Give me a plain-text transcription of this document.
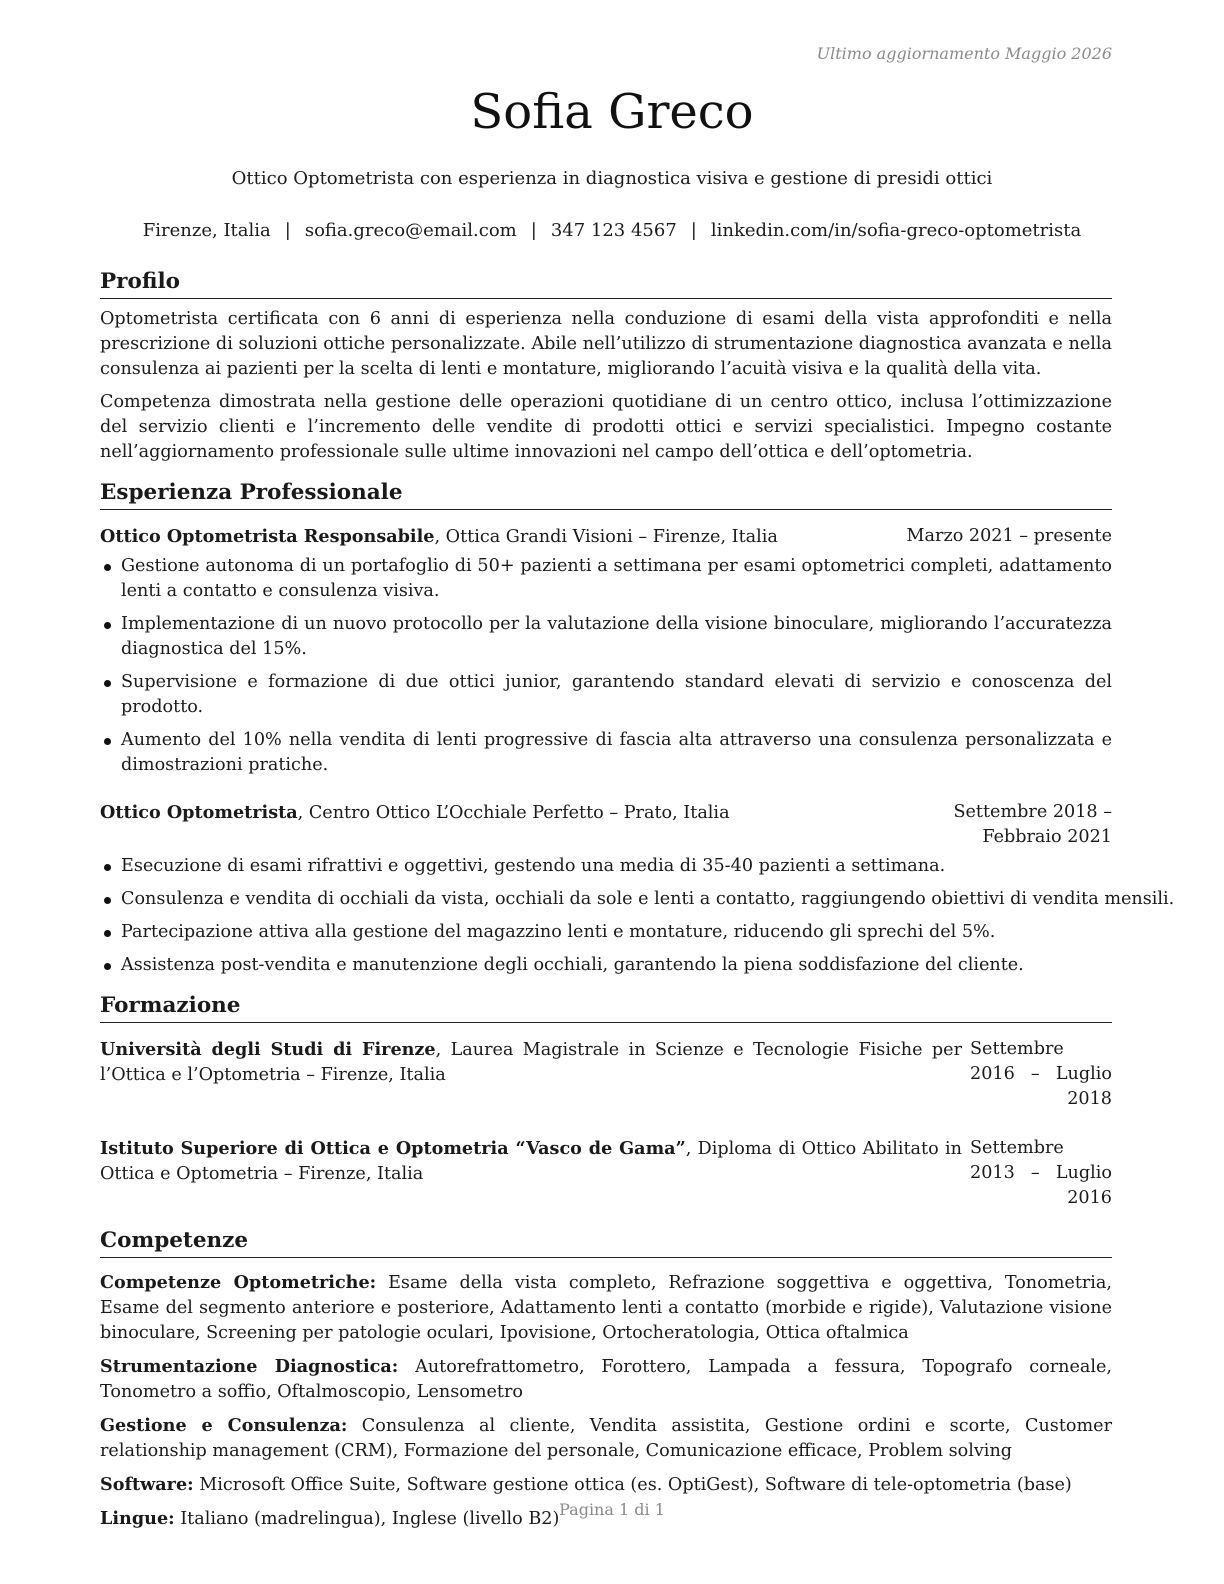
Ultimo aggiornamento Maggio 2026
Sofia Greco
Ottico Optometrista con esperienza in diagnostica visiva e gestione di presidi ottici
Firenze, Italia | sofia.greco@email.com | 347 123 4567 | linkedin.com/in/sofia-greco-optometrista
Profilo

Optometrista certificata con 6 anni di esperienza nella conduzione di esami della vista approfonditi e nella prescrizione di soluzioni ottiche personalizzate. Abile nell’utilizzo di strumentazione diagnostica avanzata e nella consulenza ai pazienti per la scelta di lenti e montature, migliorando l’acuità visiva e la qualità della vita.

Competenza dimostrata nella gestione delle operazioni quotidiane di un centro ottico, inclusa l’ottimizzazione del servizio clienti e l’incremento delle vendite di prodotti ottici e servizi specialistici. Impegno costante nell’aggiornamento professionale sulle ultime innovazioni nel campo dell’ottica e dell’optometria.

Esperienza Professionale
Ottico Optometrista Responsabile, Ottica Grandi Visioni – Firenze, Italia	Marzo 2021 – presente
Gestione autonoma di un portafoglio di 50+ pazienti a settimana per esami optometrici completi, adattamento lenti a contatto e consulenza visiva.
Implementazione di un nuovo protocollo per la valutazione della visione binoculare, migliorando l’accuratezza diagnostica del 15%.
Supervisione e formazione di due ottici junior, garantendo standard elevati di servizio e conoscenza del prodotto.
Aumento del 10% nella vendita di lenti progressive di fascia alta attraverso una consulenza personalizzata e dimostrazioni pratiche.
Ottico Optometrista, Centro Ottico L’Occhiale Perfetto – Prato, Italia	Settembre 2018 – Febbraio 2021
Esecuzione di esami rifrattivi e oggettivi, gestendo una media di 35-40 pazienti a settimana.
Consulenza e vendita di occhiali da vista, occhiali da sole e lenti a contatto, raggiungendo obiettivi di vendita mensili.
Partecipazione attiva alla gestione del magazzino lenti e montature, riducendo gli sprechi del 5%.
Assistenza post-vendita e manutenzione degli occhiali, garantendo la piena soddisfazione del cliente.
Formazione
Università degli Studi di Firenze, Laurea Magistrale in Scienze e Tecnologie Fisiche per l’Ottica e l’Optometria – Firenze, Italia
Settembre 2016 – Luglio 2018
Istituto Superiore di Ottica e Optometria “Vasco de Gama”, Diploma di Ottico Abilitato in Ottica e Optometria – Firenze, Italia
Settembre 2013 – Luglio 2016
Competenze
Competenze Optometriche: Esame della vista completo, Refrazione soggettiva e oggettiva, Tonometria, Esame del segmento anteriore e posteriore, Adattamento lenti a contatto (morbide e rigide), Valutazione visione binoculare, Screening per patologie oculari, Ipovisione, Ortocheratologia, Ottica oftalmica
Strumentazione Diagnostica: Autorefrattometro, Forottero, Lampada a fessura, Topografo corneale, Tonometro a soffio, Oftalmoscopio, Lensometro
Gestione e Consulenza: Consulenza al cliente, Vendita assistita, Gestione ordini e scorte, Customer relationship management (CRM), Formazione del personale, Comunicazione efficace, Problem solving
Software: Microsoft Office Suite, Software gestione ottica (es. OptiGest), Software di tele-optometria (base)
Lingue: Italiano (madrelingua), Inglese (livello B2) Pagina 1 di 1
